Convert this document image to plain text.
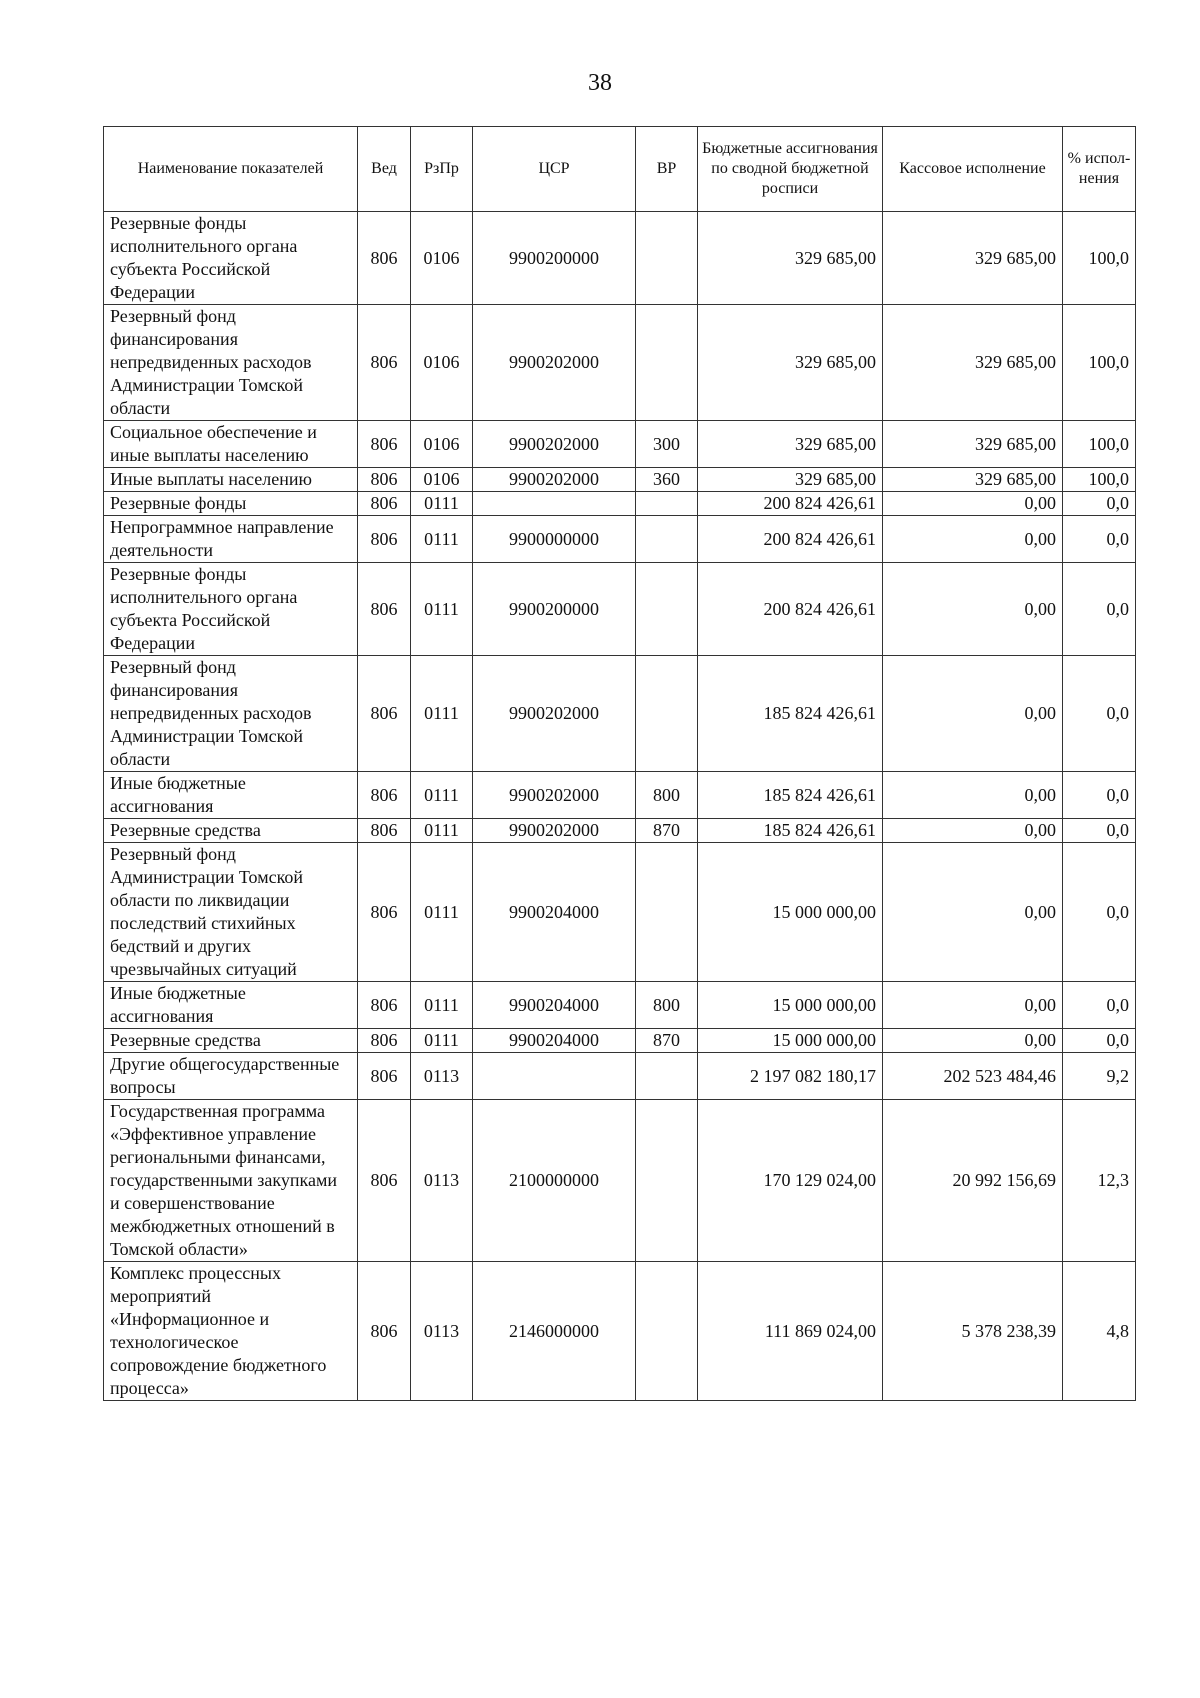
38
Наименование показателей	Вед	РзПр	ЦСР	ВР	Бюджетные ассигнования по сводной бюджетной росписи	Кассовое исполнение	% испол-нения
Резервные фонды исполнительного органа субъекта Российской Федерации	806	0106	9900200000		329 685,00	329 685,00	100,0
Резервный фонд финансирования непредвиденных расходов Администрации Томской области	806	0106	9900202000		329 685,00	329 685,00	100,0
Социальное обеспечение и иные выплаты населению	806	0106	9900202000	300	329 685,00	329 685,00	100,0
Иные выплаты населению	806	0106	9900202000	360	329 685,00	329 685,00	100,0
Резервные фонды	806	0111			200 824 426,61	0,00	0,0
Непрограммное направление деятельности	806	0111	9900000000		200 824 426,61	0,00	0,0
Резервные фонды исполнительного органа субъекта Российской Федерации	806	0111	9900200000		200 824 426,61	0,00	0,0
Резервный фонд финансирования непредвиденных расходов Администрации Томской области	806	0111	9900202000		185 824 426,61	0,00	0,0
Иные бюджетные ассигнования	806	0111	9900202000	800	185 824 426,61	0,00	0,0
Резервные средства	806	0111	9900202000	870	185 824 426,61	0,00	0,0
Резервный фонд Администрации Томской области по ликвидации последствий стихийных бедствий и других чрезвычайных ситуаций	806	0111	9900204000		15 000 000,00	0,00	0,0
Иные бюджетные ассигнования	806	0111	9900204000	800	15 000 000,00	0,00	0,0
Резервные средства	806	0111	9900204000	870	15 000 000,00	0,00	0,0
Другие общегосударственные вопросы	806	0113			2 197 082 180,17	202 523 484,46	9,2
Государственная программа «Эффективное управление региональными финансами, государственными закупками и совершенствование межбюджетных отношений в Томской области»	806	0113	2100000000		170 129 024,00	20 992 156,69	12,3
Комплекс процессных мероприятий «Информационное и технологическое сопровождение бюджетного процесса»	806	0113	2146000000		111 869 024,00	5 378 238,39	4,8
